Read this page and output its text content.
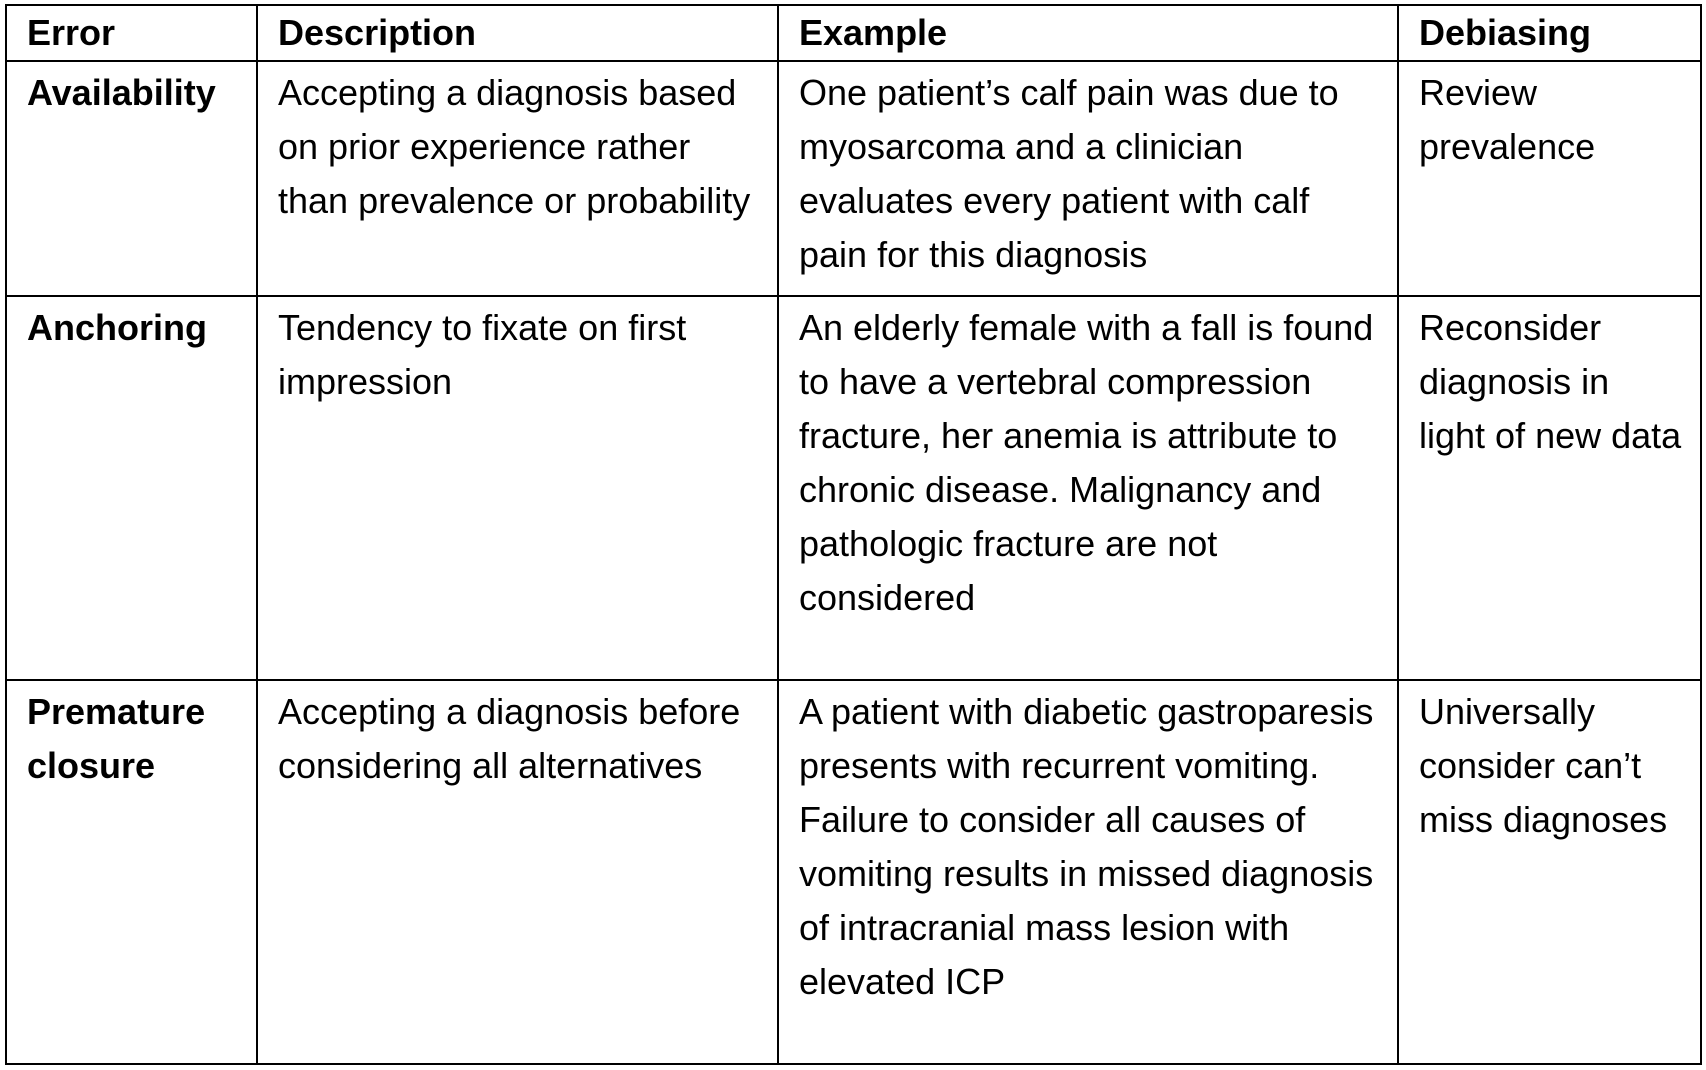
Error	Description	Example	Debiasing
Availability	Accepting a diagnosis based on prior experience rather than prevalence or probability	One patient’s calf pain was due to myosarcoma and a clinician evaluates every patient with calf pain for this diagnosis	Review prevalence
Anchoring	Tendency to fixate on first impression	An elderly female with a fall is found to have a vertebral compression fracture, her anemia is attribute to chronic disease. Malignancy and pathologic fracture are not considered	Reconsider diagnosis in light of new data
Premature closure	Accepting a diagnosis before considering all alternatives	A patient with diabetic gastroparesis presents with recurrent vomiting. Failure to consider all causes of vomiting results in missed diagnosis of intracranial mass lesion with elevated ICP	Universally consider can’t miss diagnoses
